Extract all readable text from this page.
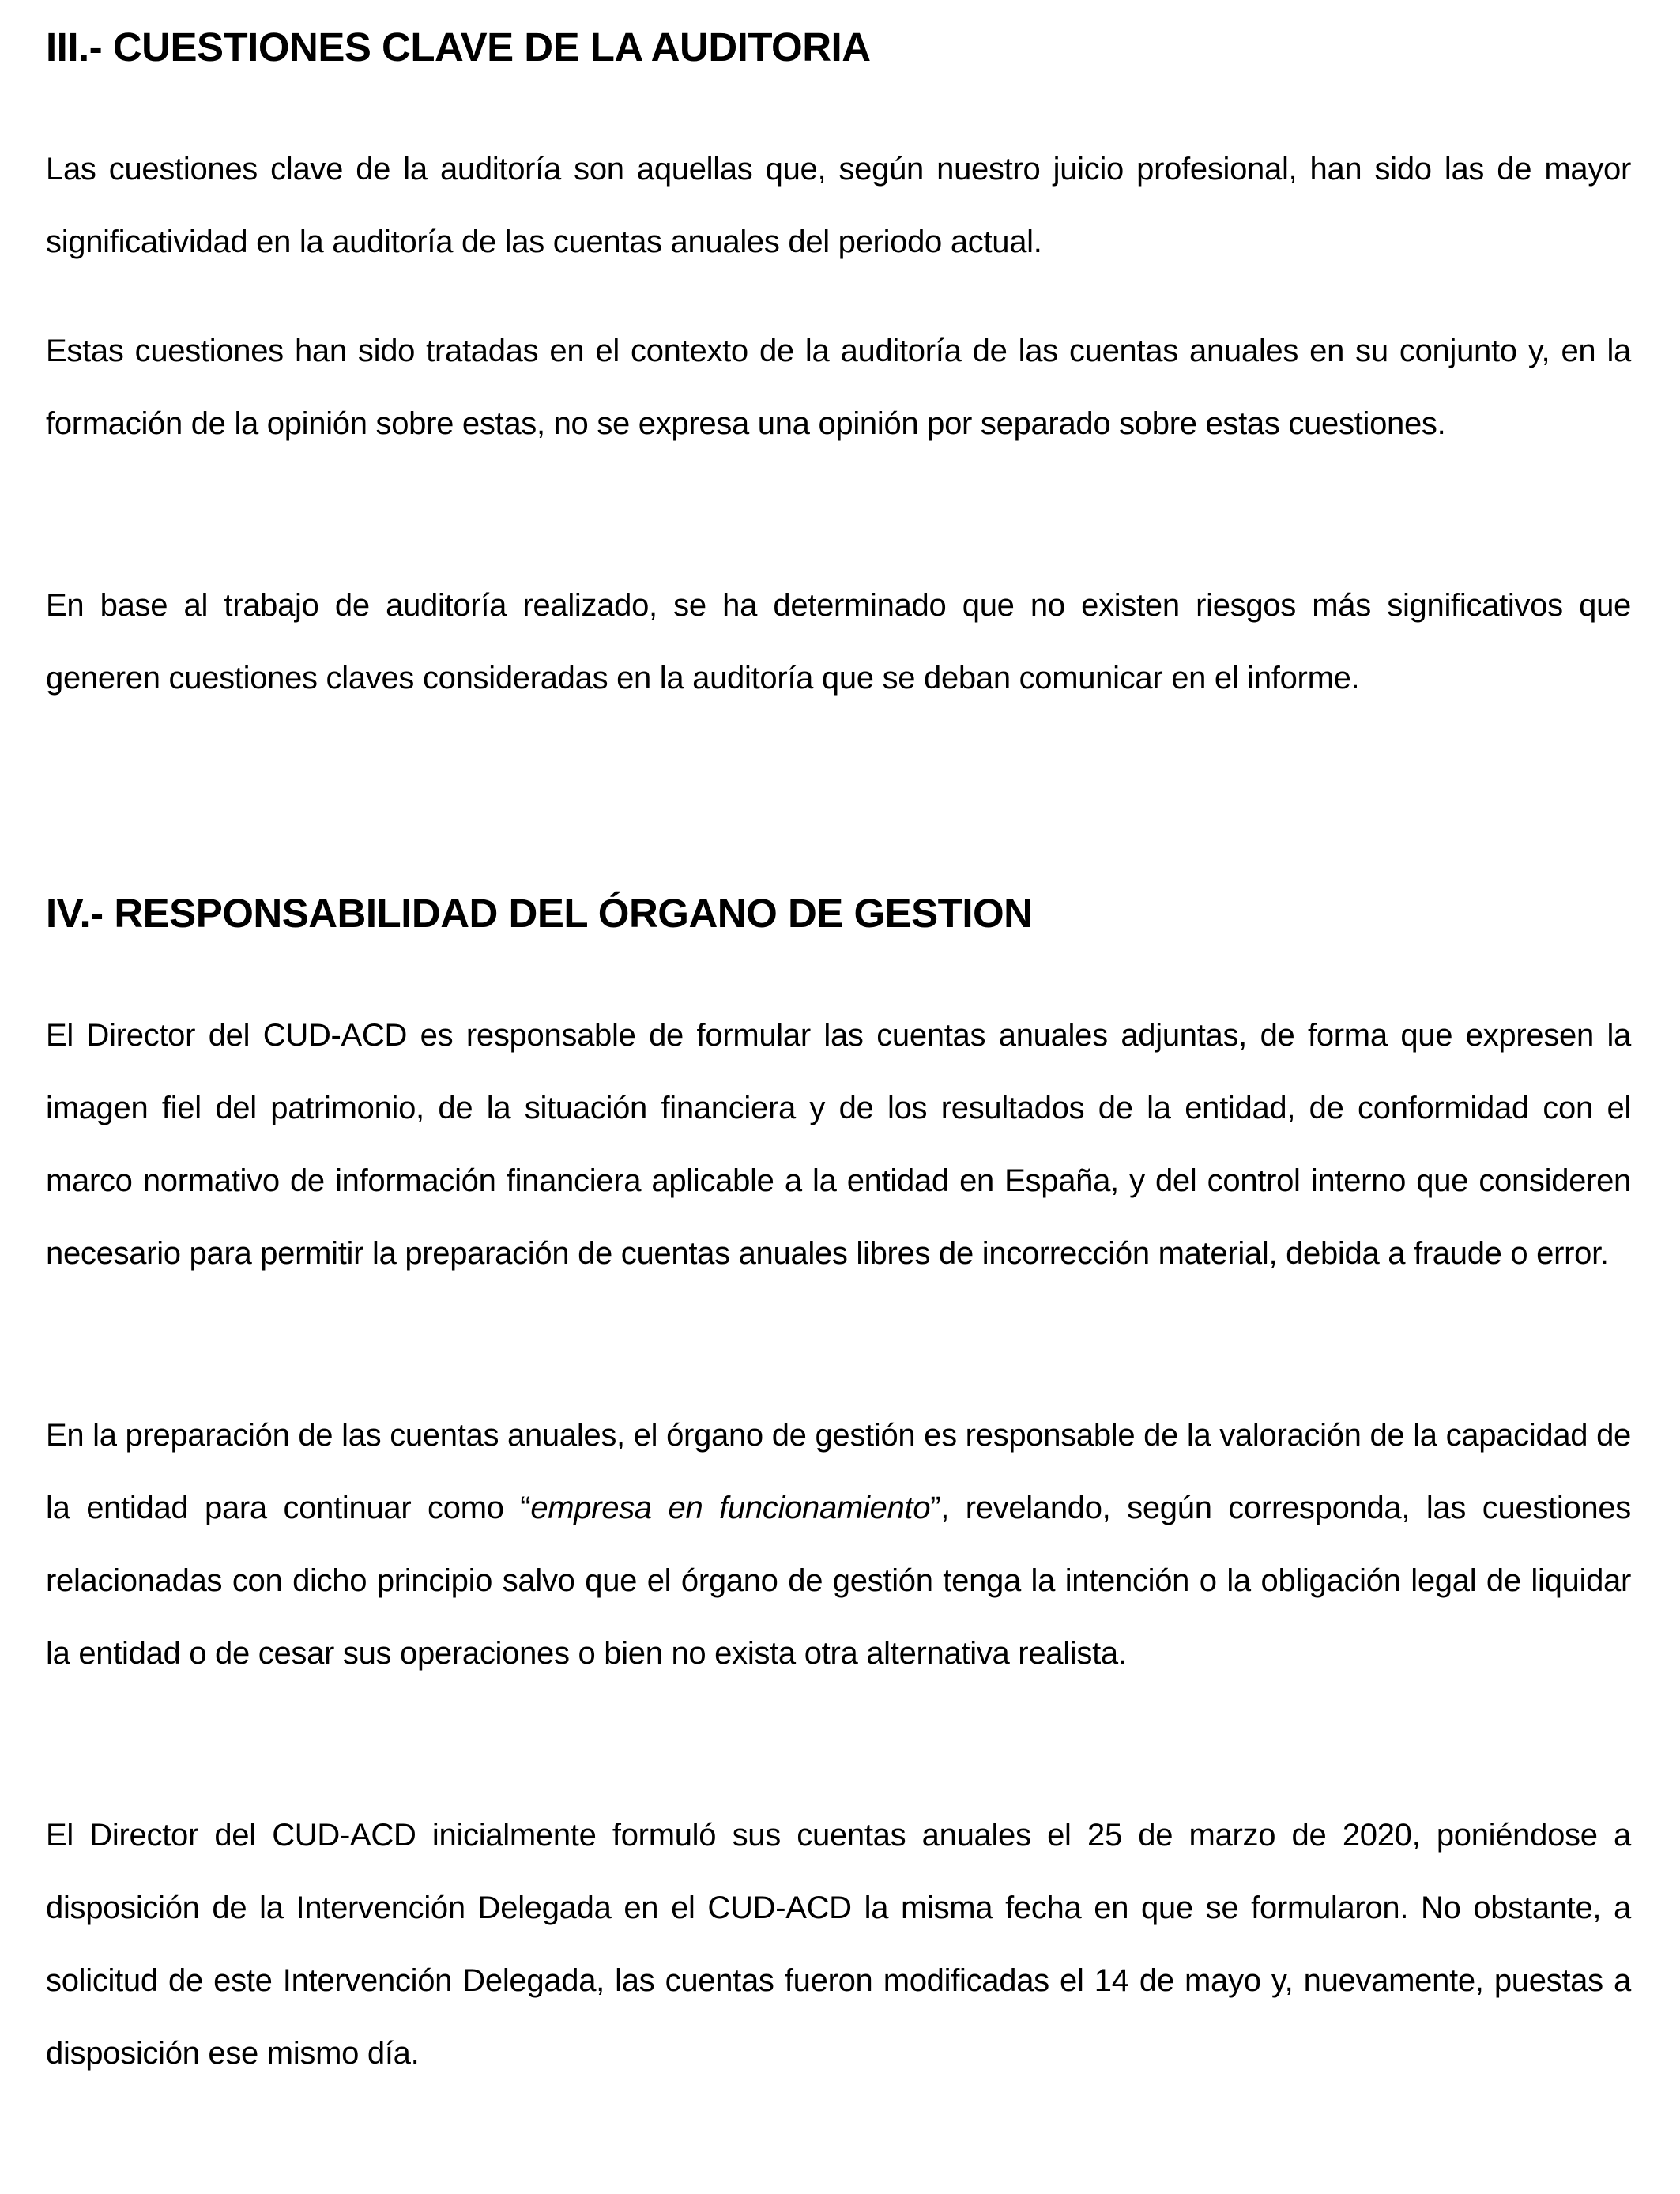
III.- CUESTIONES CLAVE DE LA AUDITORIA

Las cuestiones clave de la auditoría son aquellas que, según nuestro juicio profesional, han sido las de mayor significatividad en la auditoría de las cuentas anuales del periodo actual.

Estas cuestiones han sido tratadas en el contexto de la auditoría de las cuentas anuales en su conjunto y, en la formación de la opinión sobre estas, no se expresa una opinión por separado sobre estas cuestiones.

En base al trabajo de auditoría realizado, se ha determinado que no existen riesgos más significativos que generen cuestiones claves consideradas en la auditoría que se deban comunicar en el informe.

IV.- RESPONSABILIDAD DEL ÓRGANO DE GESTION

El Director del CUD-ACD es responsable de formular las cuentas anuales adjuntas, de forma que expresen la imagen fiel del patrimonio, de la situación financiera y de los resultados de la entidad, de conformidad con el marco normativo de información financiera aplicable a la entidad en España, y del control interno que consideren necesario para permitir la preparación de cuentas anuales libres de incorrección material, debida a fraude o error.

En la preparación de las cuentas anuales, el órgano de gestión es responsable de la valoración de la capacidad de la entidad para continuar como “empresa en funcionamiento”, revelando, según corresponda, las cuestiones relacionadas con dicho principio salvo que el órgano de gestión tenga la intención o la obligación legal de liquidar la entidad o de cesar sus operaciones o bien no exista otra alternativa realista.

El Director del CUD-ACD inicialmente formuló sus cuentas anuales el 25 de marzo de 2020, poniéndose a disposición de la Intervención Delegada en el CUD-ACD la misma fecha en que se formularon. No obstante, a solicitud de este Intervención Delegada, las cuentas fueron modificadas el 14 de mayo y, nuevamente, puestas a disposición ese mismo día.
